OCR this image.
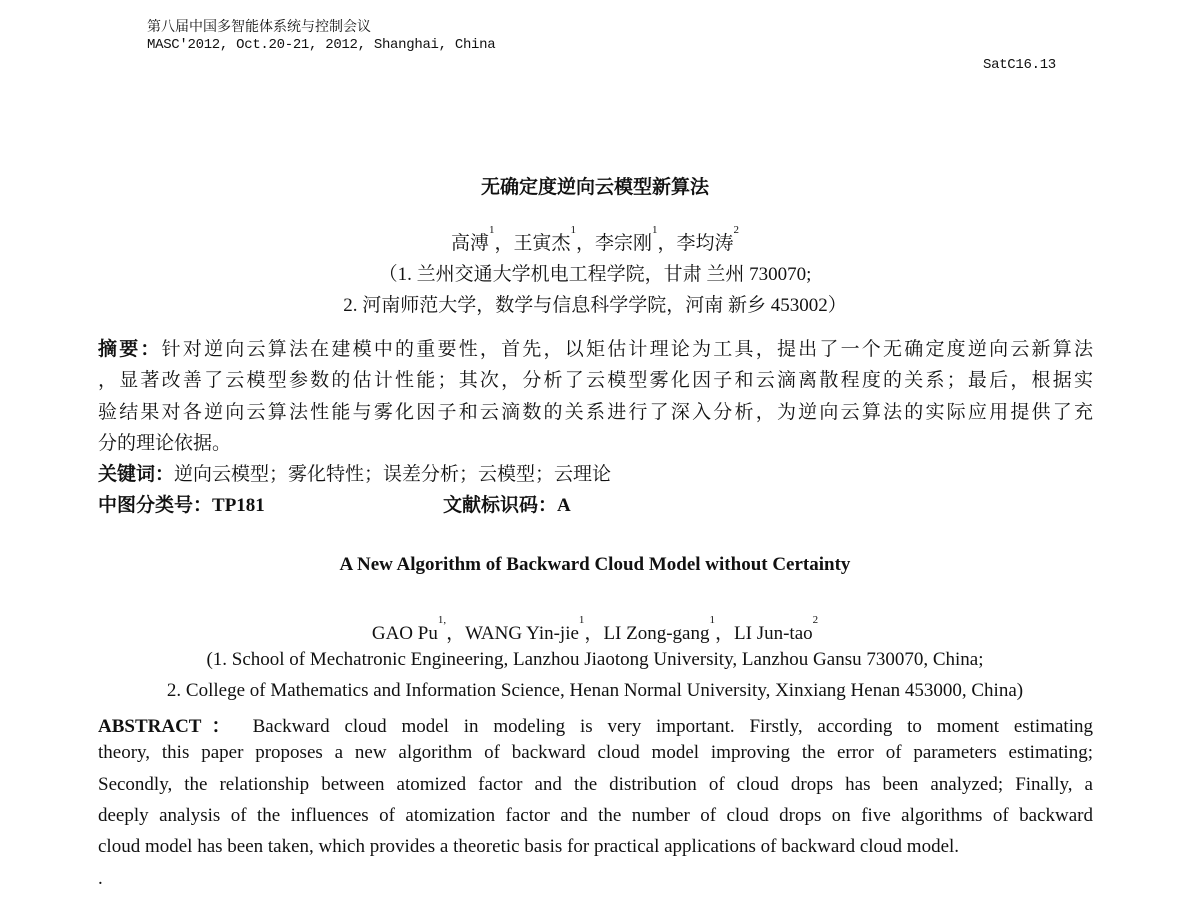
第八届中国多智能体系统与控制会议
MASC'2012, Oct.20-21, 2012, Shanghai, China
SatC16.13
无确定度逆向云模型新算法
高溥$^1$，王寅杰$^1$，李宗刚$^1$，李均涛$^2$
（1. 兰州交通大学机电工程学院，甘肃 兰州 730070;
2. 河南师范大学，数学与信息科学学院，河南 新乡 453002）
摘要：针对逆向云算法在建模中的重要性，首先，以矩估计理论为工具，提出了一个无确定度逆向云新算法
，显著改善了云模型参数的估计性能；其次，分析了云模型雾化因子和云滴离散程度的关系；最后，根据实
验结果对各逆向云算法性能与雾化因子和云滴数的关系进行了深入分析，为逆向云算法的实际应用提供了充
分的理论依据。
关键词：逆向云模型；雾化特性；误差分析；云模型；云理论
中图分类号：TP181	文献标识码：A
A New Algorithm of Backward Cloud Model without Certainty
GAO $Pu^{1,}$，WANG Yin-jie$^1$，LI Zong-gang$^1$，LI Jun-tao$^2$
(1. School of Mechatronic Engineering, Lanzhou Jiaotong University, Lanzhou Gansu 730070, China;
2. College of Mathematics and Information Science, Henan Normal University, Xinxiang Henan 453000, China)
ABSTRACT： Backward cloud model in modeling is very important. Firstly, according to moment estimating
theory, this paper proposes a new algorithm of backward cloud model improving the error of parameters estimating;
Secondly, the relationship between atomized factor and the distribution of cloud drops has been analyzed; Finally, a
deeply analysis of the influences of atomization factor and the number of cloud drops on five algorithms of backward
cloud model has been taken, which provides a theoretic basis for practical applications of backward cloud model.
.
